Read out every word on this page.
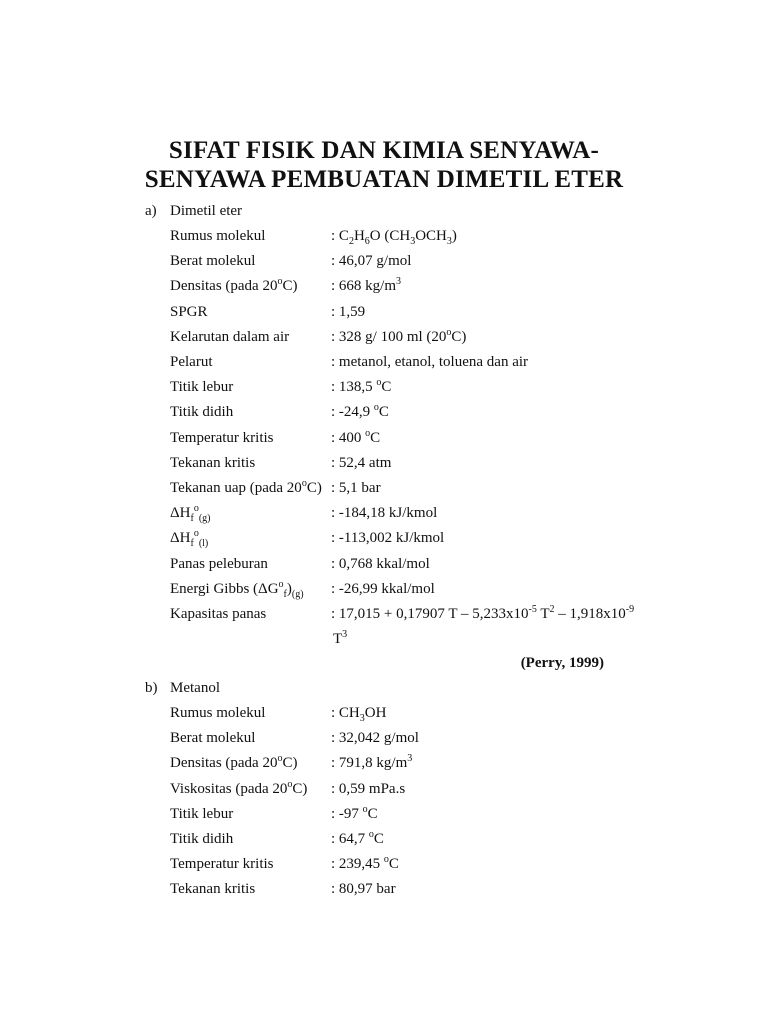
SIFAT FISIK DAN KIMIA SENYAWA-
SENYAWA PEMBUATAN DIMETIL ETER
a) Dimetil eter
Rumus molekul	: $C_2H_6O$ $(CH_3OCH_3)$
Berat molekul	: 46,07 g/mol
Densitas (pada 20$^o$C) : 668 $kg/m^3$
SPGR	: 1,59
Kelarutan dalam air	: 328 g/ 100 ml (20$^o$C)
Pelarut	: metanol, etanol, toluena dan air
Titik lebur	: 138,5 $^o$C
Titik didih	: -24,9 $^o$C
Temperatur kritis	: 400 $^o$C
Tekanan kritis	: 52,4 atm
Tekanan uap (pada 20$^o$C) : 5,1 bar
$\Delta H_f^o_{(g)}$	: -184,18 kJ/kmol
$\Delta H_f^o_{(l)}$	: -113,002 kJ/kmol
Panas peleburan	: 0,768 kkal/mol
Energi Gibbs $(\Delta G^o_f)_{(g)}$ : -26,99 kkal/mol
Kapasitas panas	: 17,015 + 0,17907 T – $5,233x10^{-5}$ $T^2 - 1,918x10^{-9}$
$T^3$
(Perry, 1999)
b) Metanol
Rumus molekul	: $CH_3OH$
Berat molekul	: 32,042 g/mol
Densitas (pada 20$^o$C) : 791,8 $kg/m^3$
Viskositas (pada 20$^o$C) : 0,59 mPa.s
Titik lebur	: -97 $^o$C
Titik didih	: 64,7 $^o$C
Temperatur kritis	: 239,45 $^o$C
Tekanan kritis	: 80,97 bar
